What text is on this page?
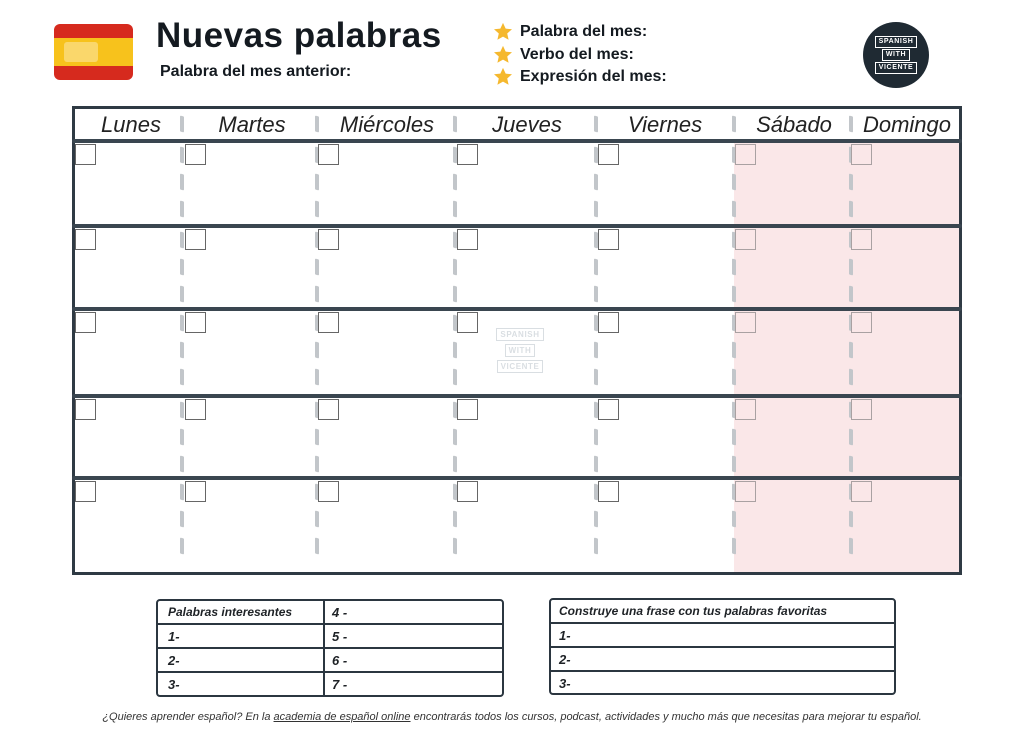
Nuevas palabras
Palabra del mes anterior:
Palabra del mes:
Verbo del mes:
Expresión del mes:
SPANISH
WITH
VICENTE
Lunes	Martes	Miércoles	Jueves	Viernes	Sábado	Domingo
SPANISH
WITH
VICENTE
Palabras interesantes	4 -
1-	5 -
2-	6 -
3-	7 -
Construye una frase con tus palabras favoritas
1-
2-
3-
¿Quieres aprender español? En la academia de español online encontrarás todos los cursos, podcast, actividades y mucho más que necesitas para mejorar tu español.
